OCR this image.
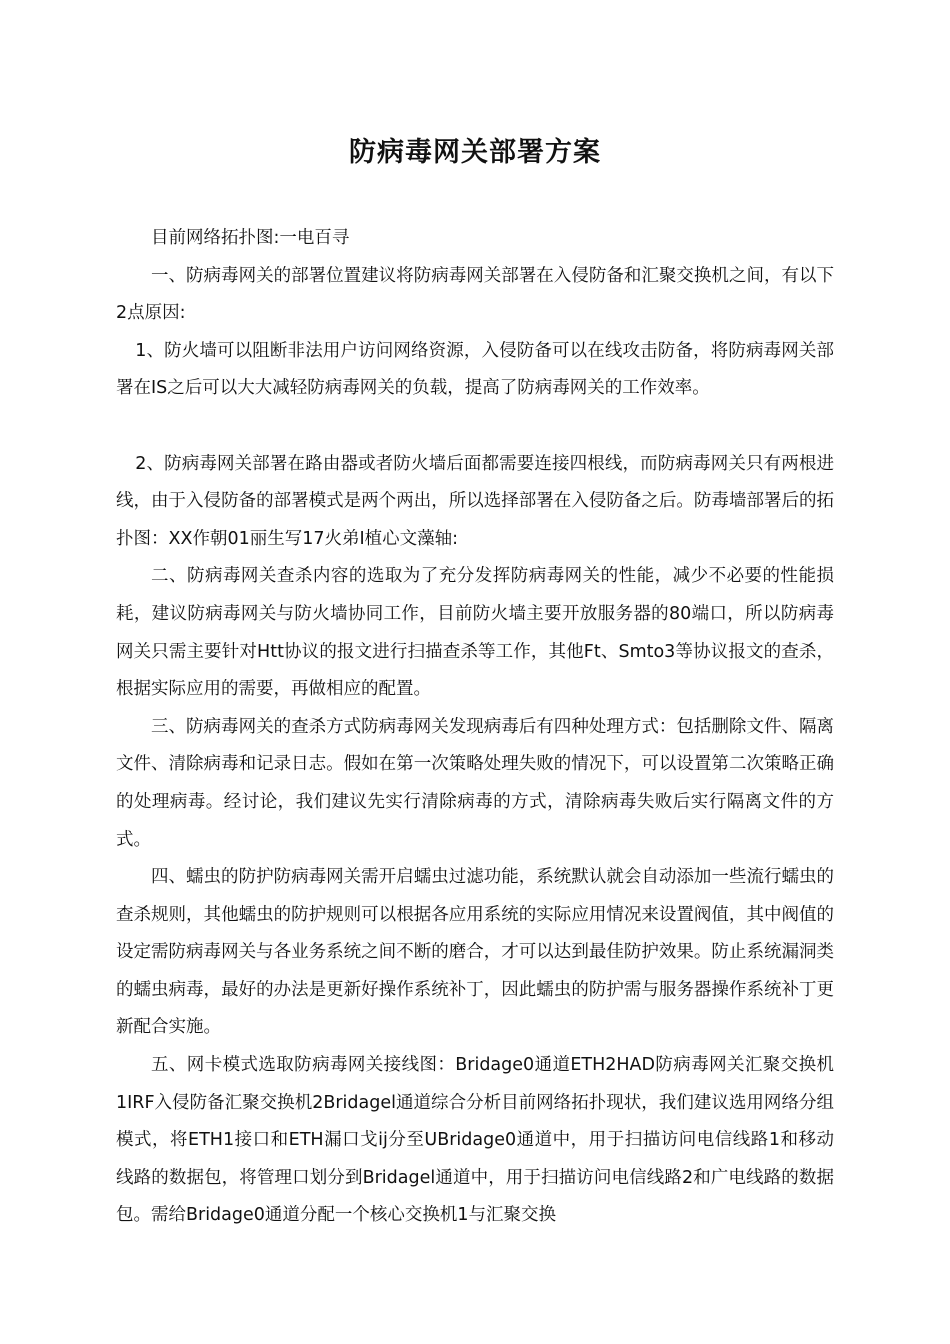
防病毒网关部署方案

目前网络拓扑图:一电百寻

一、防病毒网关的部署位置建议将防病毒网关部署在入侵防备和汇聚交换机之间，有以下2点原因:

1、防火墙可以阻断非法用户访问网络资源，入侵防备可以在线攻击防备，将防病毒网关部署在IS之后可以大大减轻防病毒网关的负载，提高了防病毒网关的工作效率。

2、防病毒网关部署在路由器或者防火墙后面都需要连接四根线，而防病毒网关只有两根进线，由于入侵防备的部署模式是两个两出，所以选择部署在入侵防备之后。防毒墙部署后的拓扑图：XX作朝01丽生写17火弟I植心文藻轴:

二、防病毒网关查杀内容的选取为了充分发挥防病毒网关的性能，减少不必要的性能损耗，建议防病毒网关与防火墙协同工作，目前防火墙主要开放服务器的80端口，所以防病毒网关只需主要针对Htt协议的报文进行扫描查杀等工作，其他Ft、Smto3等协议报文的查杀，根据实际应用的需要，再做相应的配置。

三、防病毒网关的查杀方式防病毒网关发现病毒后有四种处理方式：包括删除文件、隔离文件、清除病毒和记录日志。假如在第一次策略处理失败的情况下，可以设置第二次策略正确的处理病毒。经讨论，我们建议先实行清除病毒的方式，清除病毒失败后实行隔离文件的方式。

四、蠕虫的防护防病毒网关需开启蠕虫过滤功能，系统默认就会自动添加一些流行蠕虫的查杀规则，其他蠕虫的防护规则可以根据各应用系统的实际应用情况来设置阀值，其中阀值的设定需防病毒网关与各业务系统之间不断的磨合，才可以达到最佳防护效果。防止系统漏洞类的蠕虫病毒，最好的办法是更新好操作系统补丁，因此蠕虫的防护需与服务器操作系统补丁更新配合实施。

五、网卡模式选取防病毒网关接线图：Bridage0通道ETH2HAD防病毒网关汇聚交换机1IRF入侵防备汇聚交换机2Bridagel通道综合分析目前网络拓扑现状，我们建议选用网络分组模式，将ETH1接口和ETH漏口戈ij分至UBridage0通道中，用于扫描访问电信线路1和移动线路的数据包，将管理口划分到Bridagel通道中，用于扫描访问电信线路2和广电线路的数据包。需给Bridage0通道分配一个核心交换机1与汇聚交换
